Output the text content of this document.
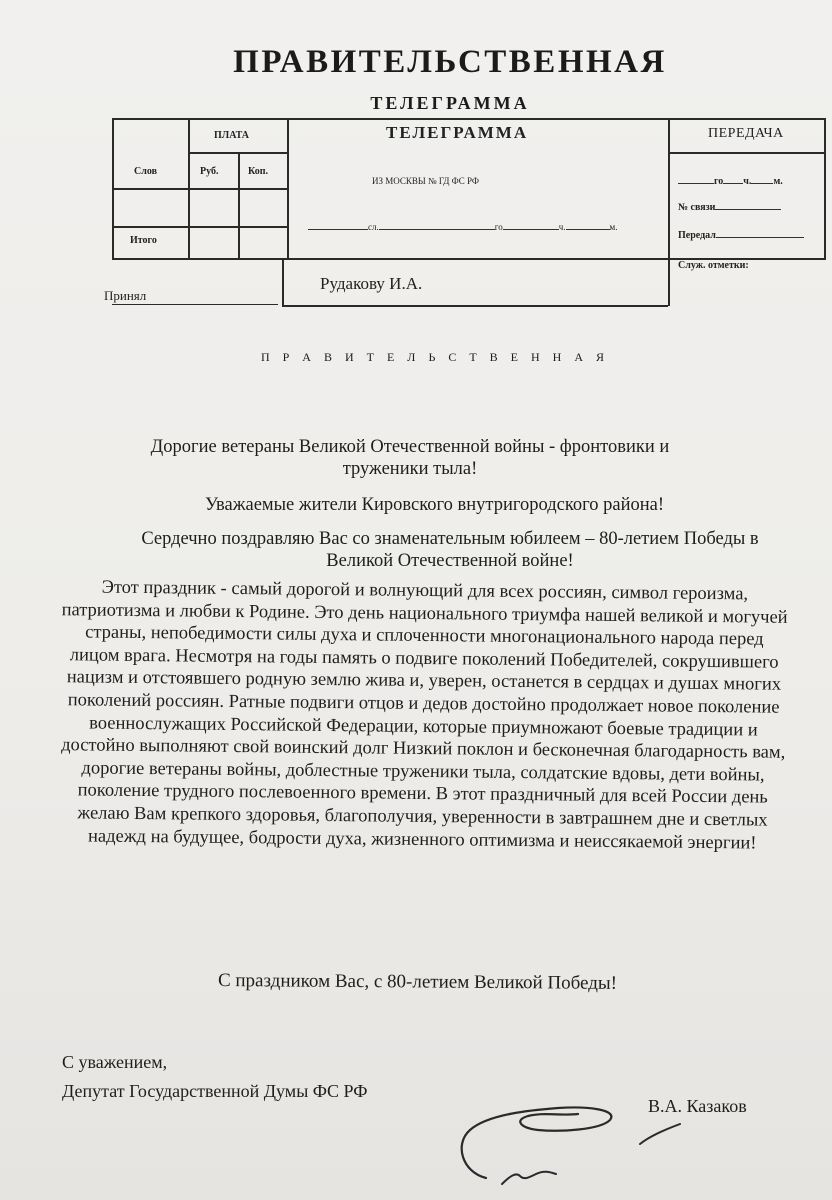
ПРАВИТЕЛЬСТВЕННАЯ
ТЕЛЕГРАММА
ПЛАТА
Слов	Руб.	Коп.
Итого
Принял
ТЕЛЕГРАММА
ИЗ МОСКВЫ № ГД ФС РФ
сл.	го	ч.	м.
ПЕРЕДАЧА
го ч. м.
№ связи
Передал
Служ. отметки:
Рудакову И.А.
П Р А В И Т Е Л Ь С Т В Е Н Н А Я
Дорогие ветераны Великой Отечественной войны - фронтовики и труженики тыла!
Уважаемые жители Кировского внутригородского района!
Сердечно поздравляю Вас со знаменательным юбилеем – 80-летием Победы в Великой Отечественной войне!
Этот праздник - самый дорогой и волнующий для всех россиян, символ героизма, патриотизма и любви к Родине. Это день национального триумфа нашей великой и могучей страны, непобедимости силы духа и сплоченности многонационального народа перед лицом врага. Несмотря на годы память о подвиге поколений Победителей, сокрушившего нацизм и отстоявшего родную землю жива и, уверен, останется в сердцах и душах многих поколений россиян. Ратные подвиги отцов и дедов достойно продолжает новое поколение военнослужащих Российской Федерации, которые приумножают боевые традиции и достойно выполняют свой воинский долг Низкий поклон и бесконечная благодарность вам, дорогие ветераны войны, доблестные труженики тыла, солдатские вдовы, дети войны, поколение трудного послевоенного времени. В этот праздничный для всей России день желаю Вам крепкого здоровья, благополучия, уверенности в завтрашнем дне и светлых надежд на будущее, бодрости духа, жизненного оптимизма и неиссякаемой энергии!
С праздником Вас, с 80-летием Великой Победы!
С уважением,
Депутат Государственной Думы ФС РФ
В.А. Казаков
